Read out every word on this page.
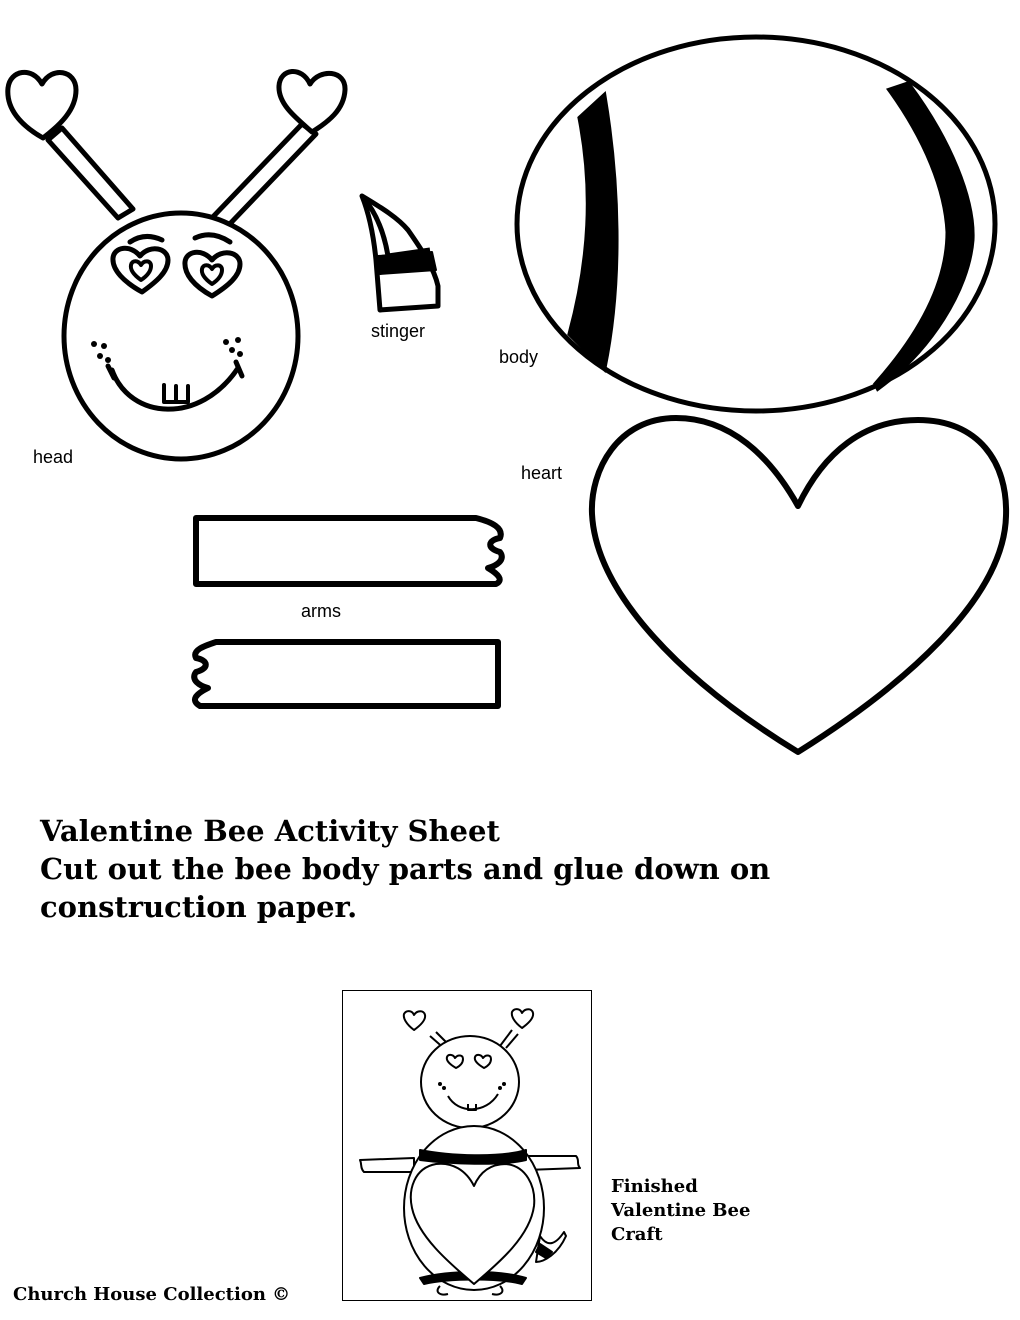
head
stinger
body
heart
arms
Valentine Bee Activity Sheet
Cut out the bee body parts and glue down on
construction paper.
Finished
Valentine Bee
Craft
Church House Collection ©
